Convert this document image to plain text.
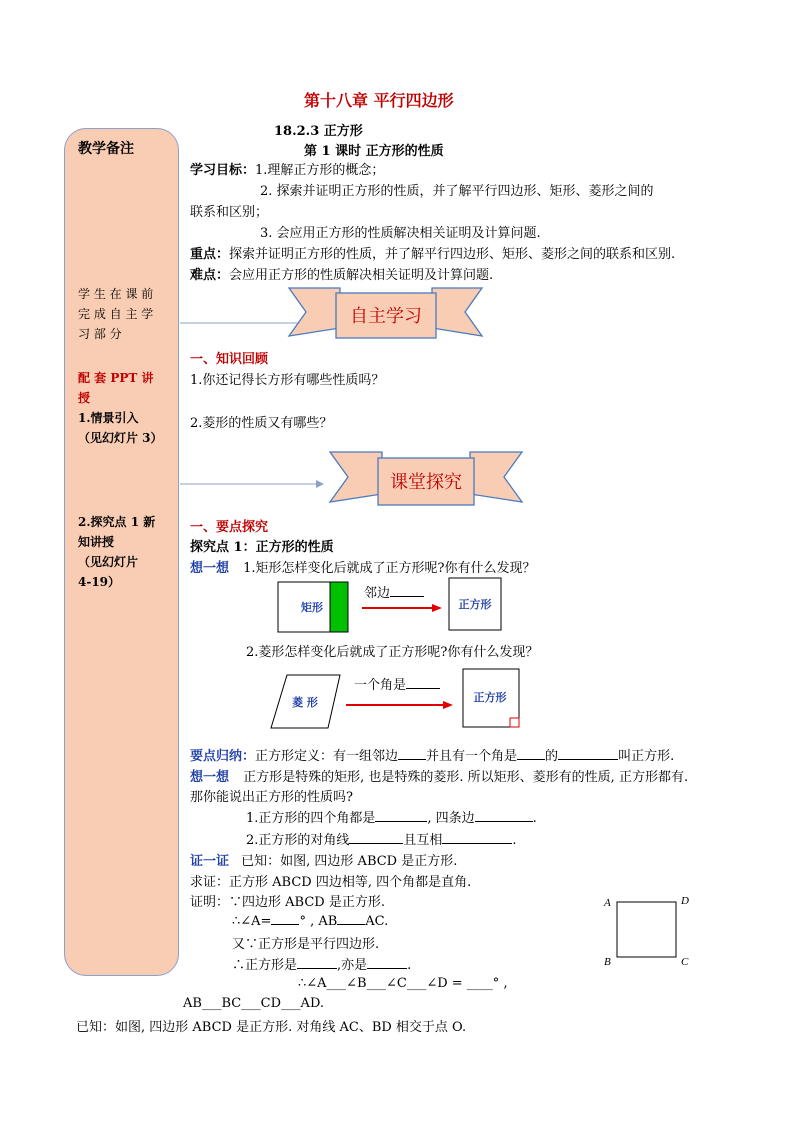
第十八章 平行四边形
教学备注
学 生 在 课 前
完 成 自 主 学
习 部 分
配 套 PPT 讲
授
1.情景引入
（见幻灯片 3）
2.探究点 1 新
知讲授
（见幻灯片
4-19）
18.2.3 正方形
第 1 课时 正方形的性质
学习目标：1.理解正方形的概念；
2. 探索并证明正方形的性质，并了解平行四边形、矩形、菱形之间的
联系和区别；
3. 会应用正方形的性质解决相关证明及计算问题.
重点：探索并证明正方形的性质，并了解平行四边形、矩形、菱形之间的联系和区别.
难点：会应用正方形的性质解决相关证明及计算问题.
自主学习
课堂探究
矩形	正方形
菱 形	正方形
A	D
B	C
邻边
一个角是
一、知识回顾
1.你还记得长方形有哪些性质吗？
2.菱形的性质又有哪些？
一、要点探究
探究点 1：正方形的性质
想一想 1.矩形怎样变化后就成了正方形呢?你有什么发现？
2.菱形怎样变化后就成了正方形呢?你有什么发现？
要点归纳：正方形定义：有一组邻边 并且有一个角是 的	叫正方形.
想一想 正方形是特殊的矩形, 也是特殊的菱形. 所以矩形、菱形有的性质, 正方形都有.
那你能说出正方形的性质吗?
1.正方形的四个角都是	, 四条边	.
2.正方形的对角线	且互相	.
证一证 已知：如图, 四边形 ABCD 是正方形.
求证：正方形 ABCD 四边相等, 四个角都是直角.
证明：∵四边形 ABCD 是正方形.
∴∠A= ° , AB AC.
又∵正方形是平行四边形.
∴正方形是	,亦是	.
∴∠A___∠B___∠C___∠D = ____° ,
AB___BC___CD___AD.
已知：如图, 四边形 ABCD 是正方形. 对角线 AC、BD 相交于点 O.
